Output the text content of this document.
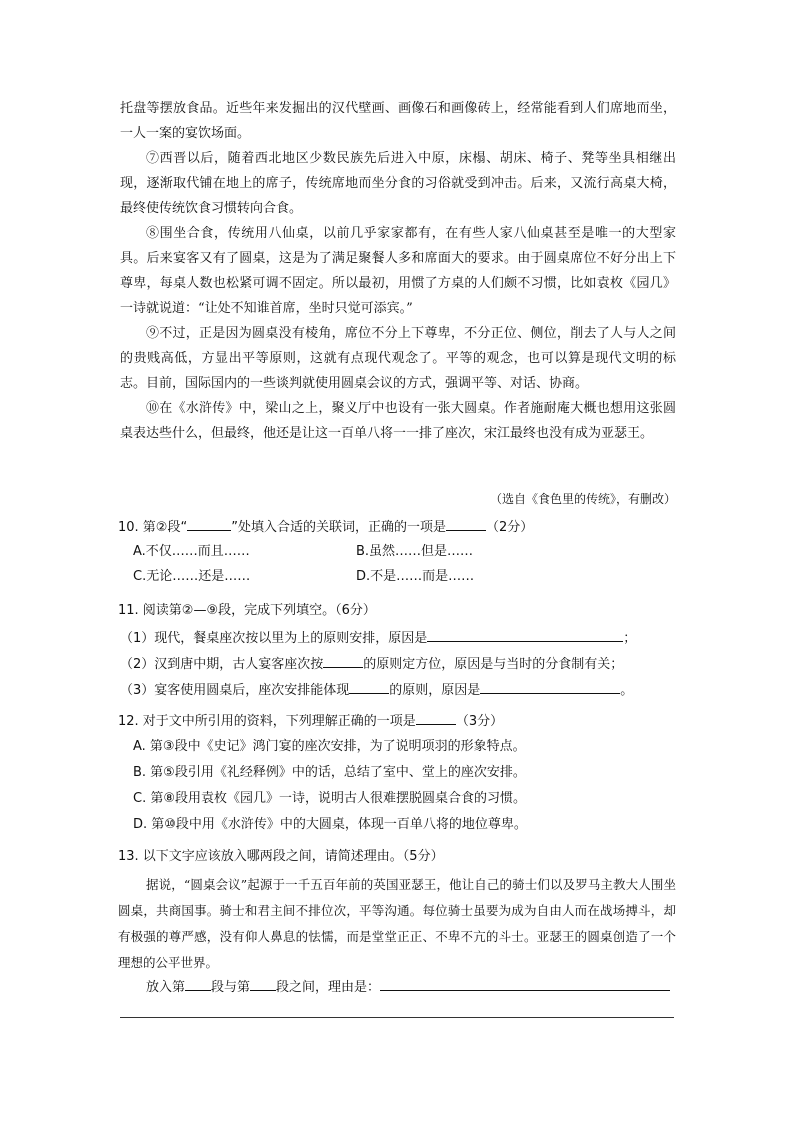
托盘等摆放食品。近些年来发掘出的汉代壁画、画像石和画像砖上，经常能看到人们席地而坐，一人一案的宴饮场面。

⑦西晋以后，随着西北地区少数民族先后进入中原，床榻、胡床、椅子、凳等坐具相继出现，逐渐取代铺在地上的席子，传统席地而坐分食的习俗就受到冲击。后来，又流行高桌大椅，最终使传统饮食习惯转向合食。

⑧围坐合食，传统用八仙桌，以前几乎家家都有，在有些人家八仙桌甚至是唯一的大型家具。后来宴客又有了圆桌，这是为了满足聚餐人多和席面大的要求。由于圆桌席位不好分出上下尊卑，每桌人数也松紧可调不固定。所以最初，用惯了方桌的人们颇不习惯，比如袁枚《园几》一诗就说道：“让处不知谁首席，坐时只觉可添宾。”

⑨不过，正是因为圆桌没有棱角，席位不分上下尊卑，不分正位、侧位，削去了人与人之间的贵贱高低，方显出平等原则，这就有点现代观念了。平等的观念，也可以算是现代文明的标志。目前，国际国内的一些谈判就使用圆桌会议的方式，强调平等、对话、协商。

⑩在《水浒传》中，梁山之上，聚义厅中也设有一张大圆桌。作者施耐庵大概也想用这张圆桌表达些什么，但最终，他还是让这一百单八将一一排了座次，宋江最终也没有成为亚瑟王。

（选自《食色里的传统》，有删改）
10. 第②段“	”处填入合适的关联词，正确的一项是	（2分）
A.不仅……而且……	B.虽然……但是……
C.无论……还是……	D.不是……而是……
11. 阅读第②—⑨段，完成下列填空。（6分）
（1）现代，餐桌座次按以里为上的原则安排，原因是	；
（2）汉到唐中期，古人宴客座次按	的原则定方位，原因是与当时的分食制有关；
（3）宴客使用圆桌后，座次安排能体现	的原则，原因是	。
12. 对于文中所引用的资料，下列理解正确的一项是	（3分）
A. 第③段中《史记》鸿门宴的座次安排，为了说明项羽的形象特点。
B. 第⑤段引用《礼经释例》中的话，总结了室中、堂上的座次安排。
C. 第⑧段用袁枚《园几》一诗，说明古人很难摆脱圆桌合食的习惯。
D. 第⑩段中用《水浒传》中的大圆桌，体现一百单八将的地位尊卑。
13. 以下文字应该放入哪两段之间，请简述理由。（5分）
据说，“圆桌会议”起源于一千五百年前的英国亚瑟王，他让自己的骑士们以及罗马主教大人围坐圆桌，共商国事。骑士和君主间不排位次，平等沟通。每位骑士虽要为成为自由人而在战场搏斗，却有极强的尊严感，没有仰人鼻息的怯懦，而是堂堂正正、不卑不亢的斗士。亚瑟王的圆桌创造了一个理想的公平世界。
放入第 段与第 段之间，理由是：
